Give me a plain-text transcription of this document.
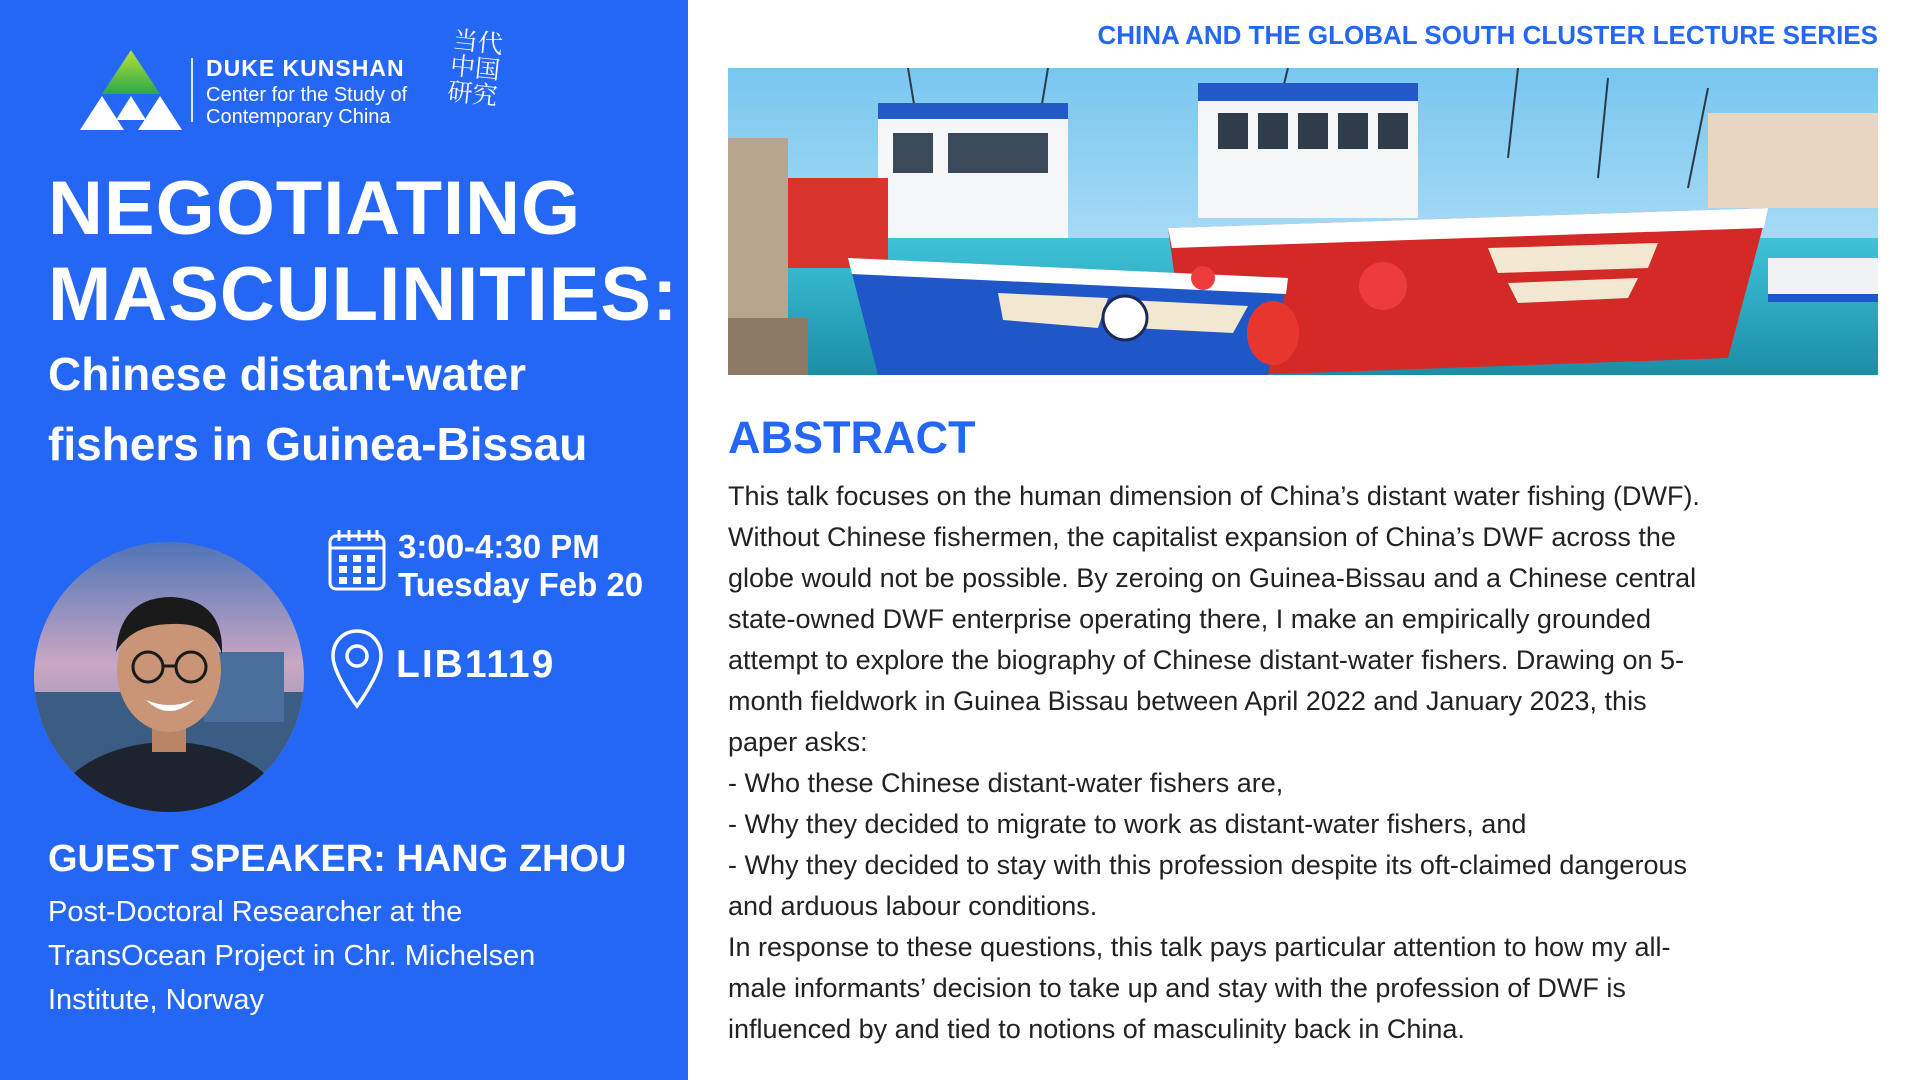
DUKE KUNSHAN
Center for the Study of
Contemporary China
当代中国研究
NEGOTIATING
MASCULINITIES:
Chinese distant-water
fishers in Guinea-Bissau
3:00-4:30 PM
Tuesday Feb 20
LIB1119
GUEST SPEAKER: HANG ZHOU
Post-Doctoral Researcher at the
TransOcean Project in Chr. Michelsen
Institute, Norway
CHINA AND THE GLOBAL SOUTH CLUSTER LECTURE SERIES
ABSTRACT
This talk focuses on the human dimension of China’s distant water fishing (DWF).
Without Chinese fishermen, the capitalist expansion of China’s DWF across the
globe would not be possible. By zeroing on Guinea-Bissau and a Chinese central
state-owned DWF enterprise operating there, I make an empirically grounded
attempt to explore the biography of Chinese distant-water fishers. Drawing on 5-
month fieldwork in Guinea Bissau between April 2022 and January 2023, this
paper asks:
- Who these Chinese distant-water fishers are,
- Why they decided to migrate to work as distant-water fishers, and
- Why they decided to stay with this profession despite its oft-claimed dangerous
and arduous labour conditions.
In response to these questions, this talk pays particular attention to how my all-
male informants’ decision to take up and stay with the profession of DWF is
influenced by and tied to notions of masculinity back in China.
